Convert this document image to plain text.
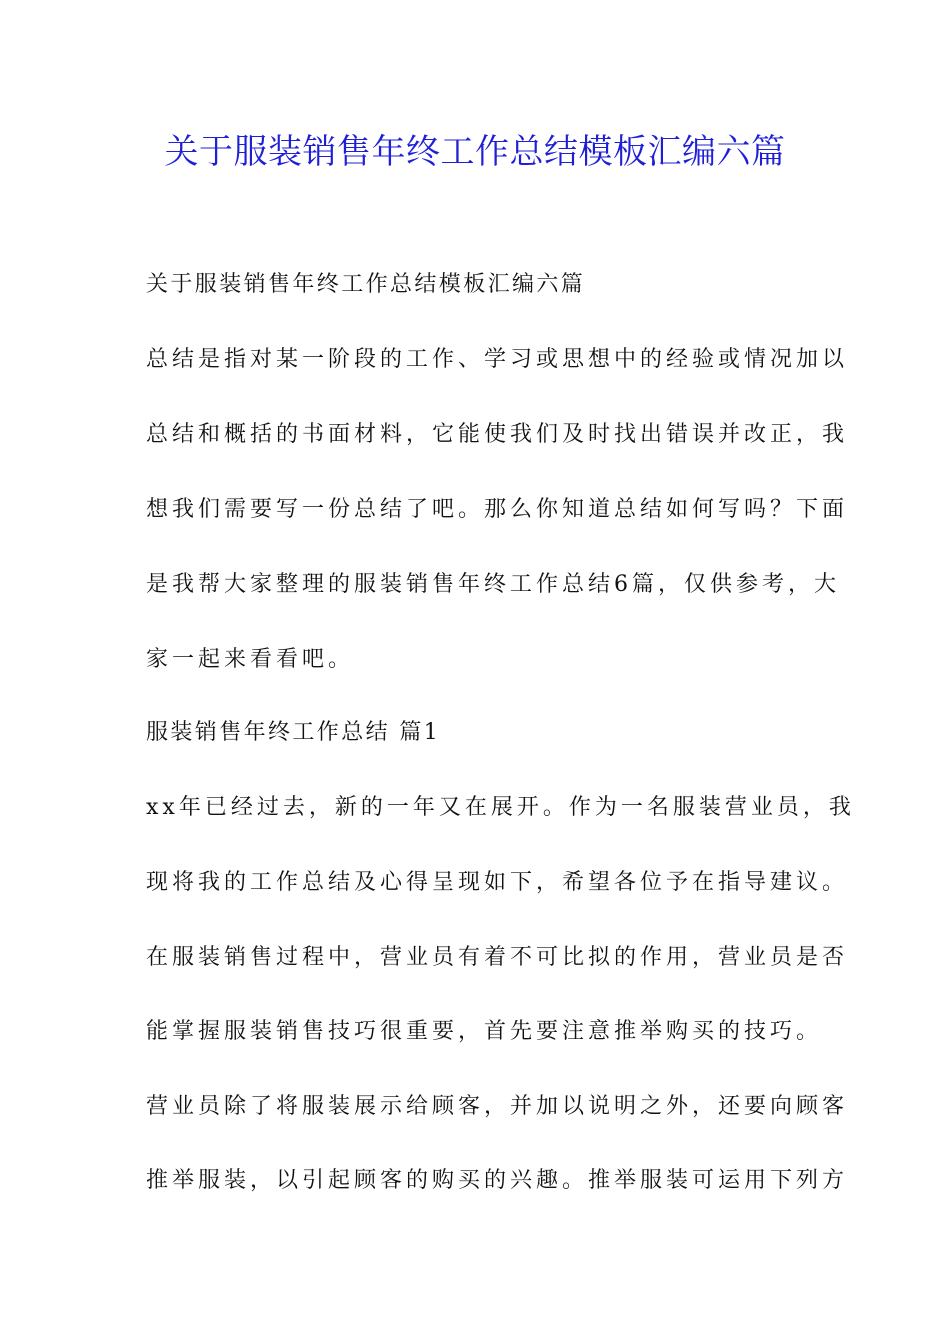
关于服装销售年终工作总结模板汇编六篇
关于服装销售年终工作总结模板汇编六篇
总结是指对某一阶段的工作、学习或思想中的经验或情况加以
总结和概括的书面材料，它能使我们及时找出错误并改正，我
想我们需要写一份总结了吧。那么你知道总结如何写吗？下面
是我帮大家整理的服装销售年终工作总结6篇，仅供参考，大
家一起来看看吧。
服装销售年终工作总结 篇1
xx年已经过去，新的一年又在展开。作为一名服装营业员，我
现将我的工作总结及心得呈现如下，希望各位予在指导建议。
在服装销售过程中，营业员有着不可比拟的作用，营业员是否
能掌握服装销售技巧很重要，首先要注意推举购买的技巧。
营业员除了将服装展示给顾客，并加以说明之外，还要向顾客
推举服装，以引起顾客的购买的兴趣。推举服装可运用下列方
